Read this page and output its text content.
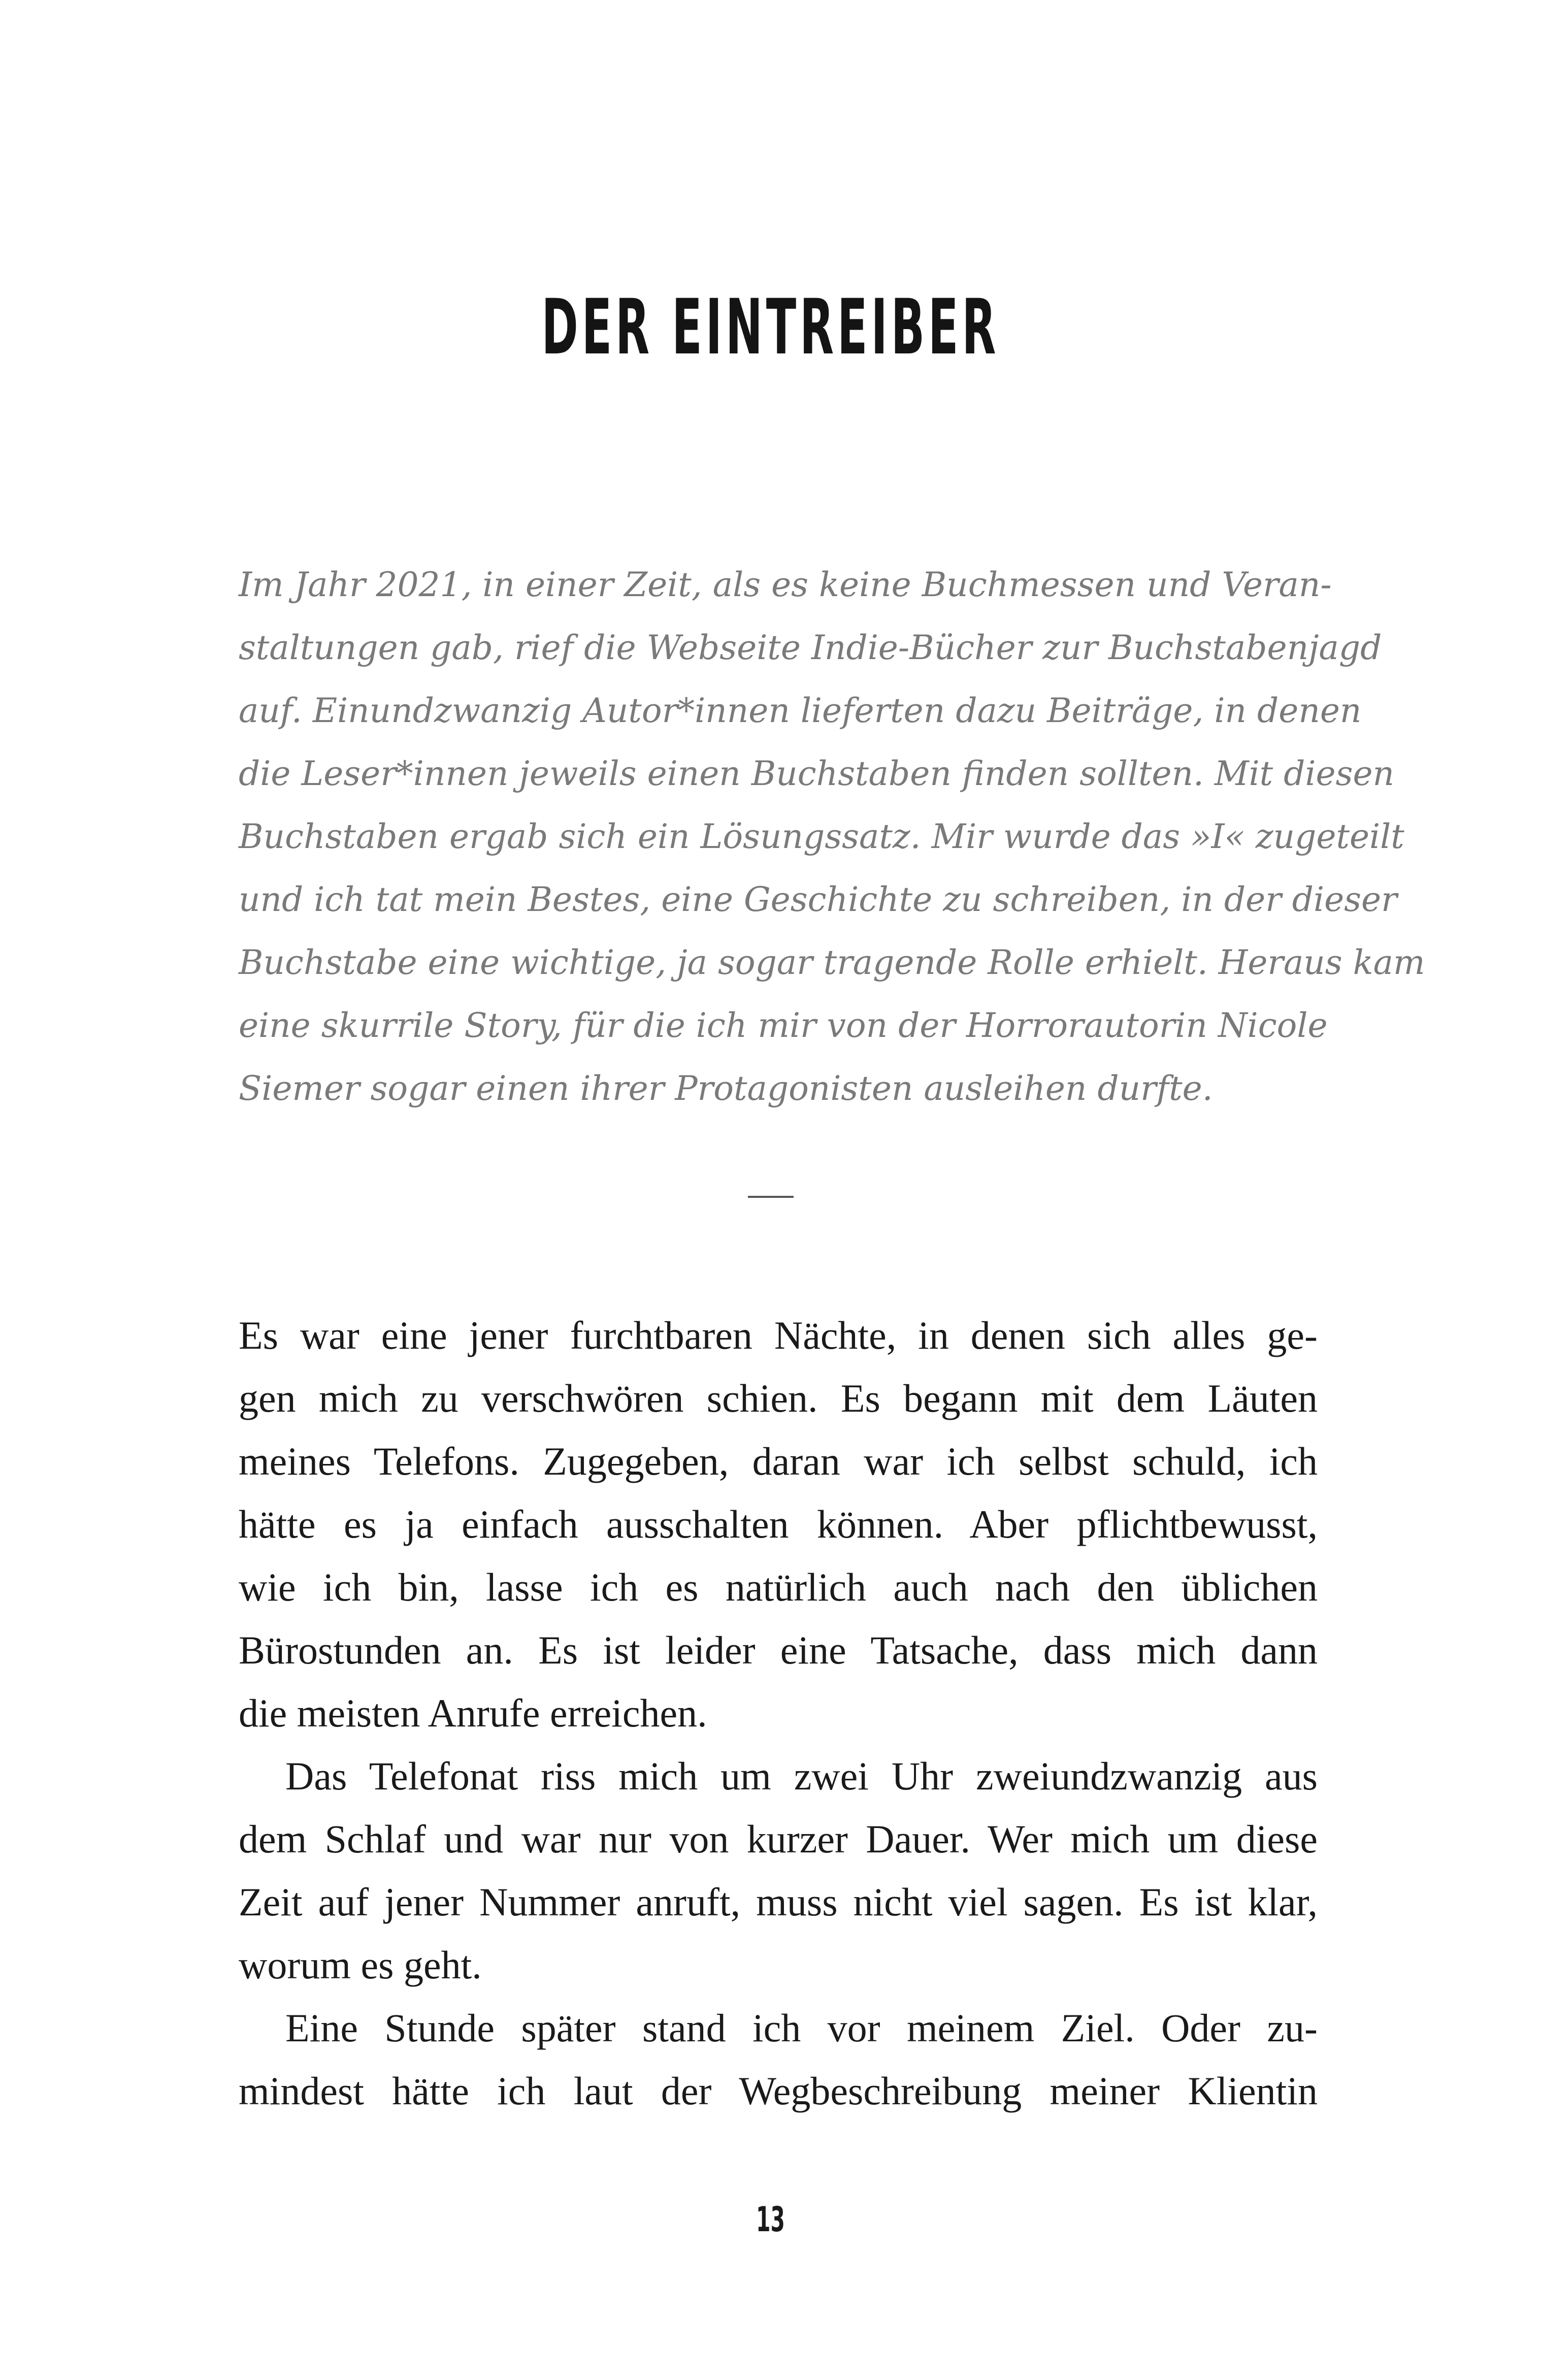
DER EINTREIBER
Im Jahr 2021, in einer Zeit, als es keine Buchmessen und Veran-
staltungen gab, rief die Webseite Indie-Bücher zur Buchstabenjagd
auf. Einundzwanzig Autor*innen lieferten dazu Beiträge, in denen
die Leser*innen jeweils einen Buchstaben finden sollten. Mit diesen
Buchstaben ergab sich ein Lösungssatz. Mir wurde das »I« zugeteilt
und ich tat mein Bestes, eine Geschichte zu schreiben, in der dieser
Buchstabe eine wichtige, ja sogar tragende Rolle erhielt. Heraus kam
eine skurrile Story, für die ich mir von der Horrorautorin Nicole
Siemer sogar einen ihrer Protagonisten ausleihen durfte.
Es war eine jener furchtbaren Nächte, in denen sich alles ge-
gen mich zu verschwören schien. Es begann mit dem Läuten
meines Telefons. Zugegeben, daran war ich selbst schuld, ich
hätte es ja einfach ausschalten können. Aber pflichtbewusst,
wie ich bin, lasse ich es natürlich auch nach den üblichen
Bürostunden an. Es ist leider eine Tatsache, dass mich dann
die meisten Anrufe erreichen.
Das Telefonat riss mich um zwei Uhr zweiundzwanzig aus
dem Schlaf und war nur von kurzer Dauer. Wer mich um diese
Zeit auf jener Nummer anruft, muss nicht viel sagen. Es ist klar,
worum es geht.
Eine Stunde später stand ich vor meinem Ziel. Oder zu-
mindest hätte ich laut der Wegbeschreibung meiner Klientin
13
